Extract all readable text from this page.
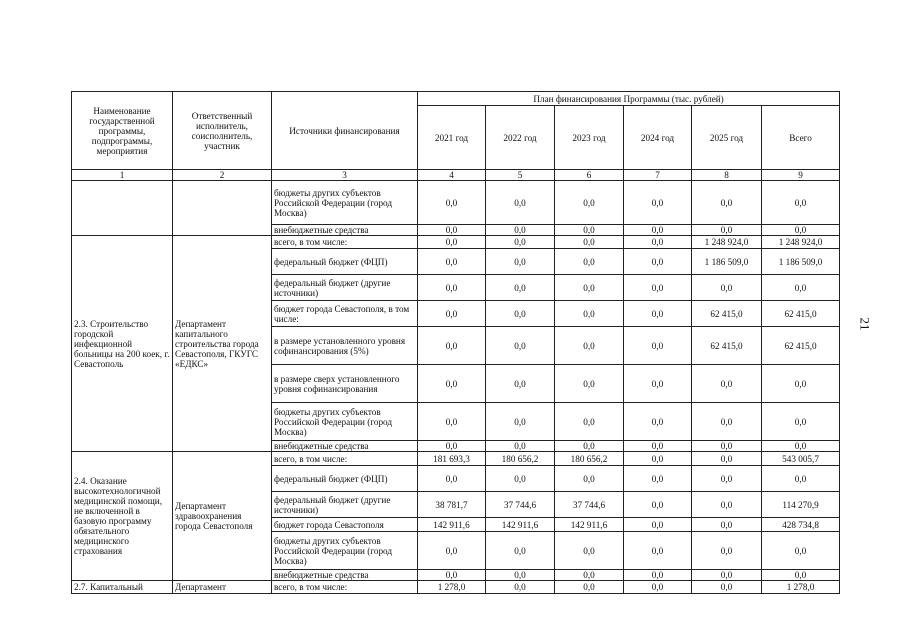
Наименование государственной программы, подпрограммы, мероприятия	Ответственный исполнитель, соисполнитель, участник	Источники финансирования	План финансирования Программы (тыс. рублей)					
			2021 год	2022 год	2023 год	2024 год	2025 год	Всего
1	2	3	4	5	6	7	8	9
		бюджеты других субъектов Российской Федерации (город Москва)	0,0	0,0	0,0	0,0	0,0	0,0
		внебюджетные средства	0,0	0,0	0,0	0,0	0,0	0,0
2.3. Строительство городской инфекционной больницы на 200 коек, г. Севастополь	Департамент капитального строительства города Севастополя, ГКУГС «ЕДКС»	всего, в том числе:	0,0	0,0	0,0	0,0	1 248 924,0	1 248 924,0
		федеральный бюджет (ФЦП)	0,0	0,0	0,0	0,0	1 186 509,0	1 186 509,0
		федеральный бюджет (другие источники)	0,0	0,0	0,0	0,0	0,0	0,0
		бюджет города Севастополя, в том числе:	0,0	0,0	0,0	0,0	62 415,0	62 415,0
		в размере установленного уровня софинансирования (5%)	0,0	0,0	0,0	0,0	62 415,0	62 415,0
		в размере сверх установленного уровня софинансирования	0,0	0,0	0,0	0,0	0,0	0,0
		бюджеты других субъектов Российской Федерации (город Москва)	0,0	0,0	0,0	0,0	0,0	0,0
		внебюджетные средства	0,0	0,0	0,0	0,0	0,0	0,0
2.4. Оказание высокотехнологичной медицинской помощи, не включенной в базовую программу обязательного медицинского страхования	Департамент здравоохранения города Севастополя	всего, в том числе:	181 693,3	180 656,2	180 656,2	0,0	0,0	543 005,7
		федеральный бюджет (ФЦП)	0,0	0,0	0,0	0,0	0,0	0,0
		федеральный бюджет (другие источники)	38 781,7	37 744,6	37 744,6	0,0	0,0	114 270,9
		бюджет города Севастополя	142 911,6	142 911,6	142 911,6	0,0	0,0	428 734,8
		бюджеты других субъектов Российской Федерации (город Москва)	0,0	0,0	0,0	0,0	0,0	0,0
		внебюджетные средства	0,0	0,0	0,0	0,0	0,0	0,0
2.7. Капитальный	Департамент	всего, в том числе:	1 278,0	0,0	0,0	0,0	0,0	1 278,0
21
